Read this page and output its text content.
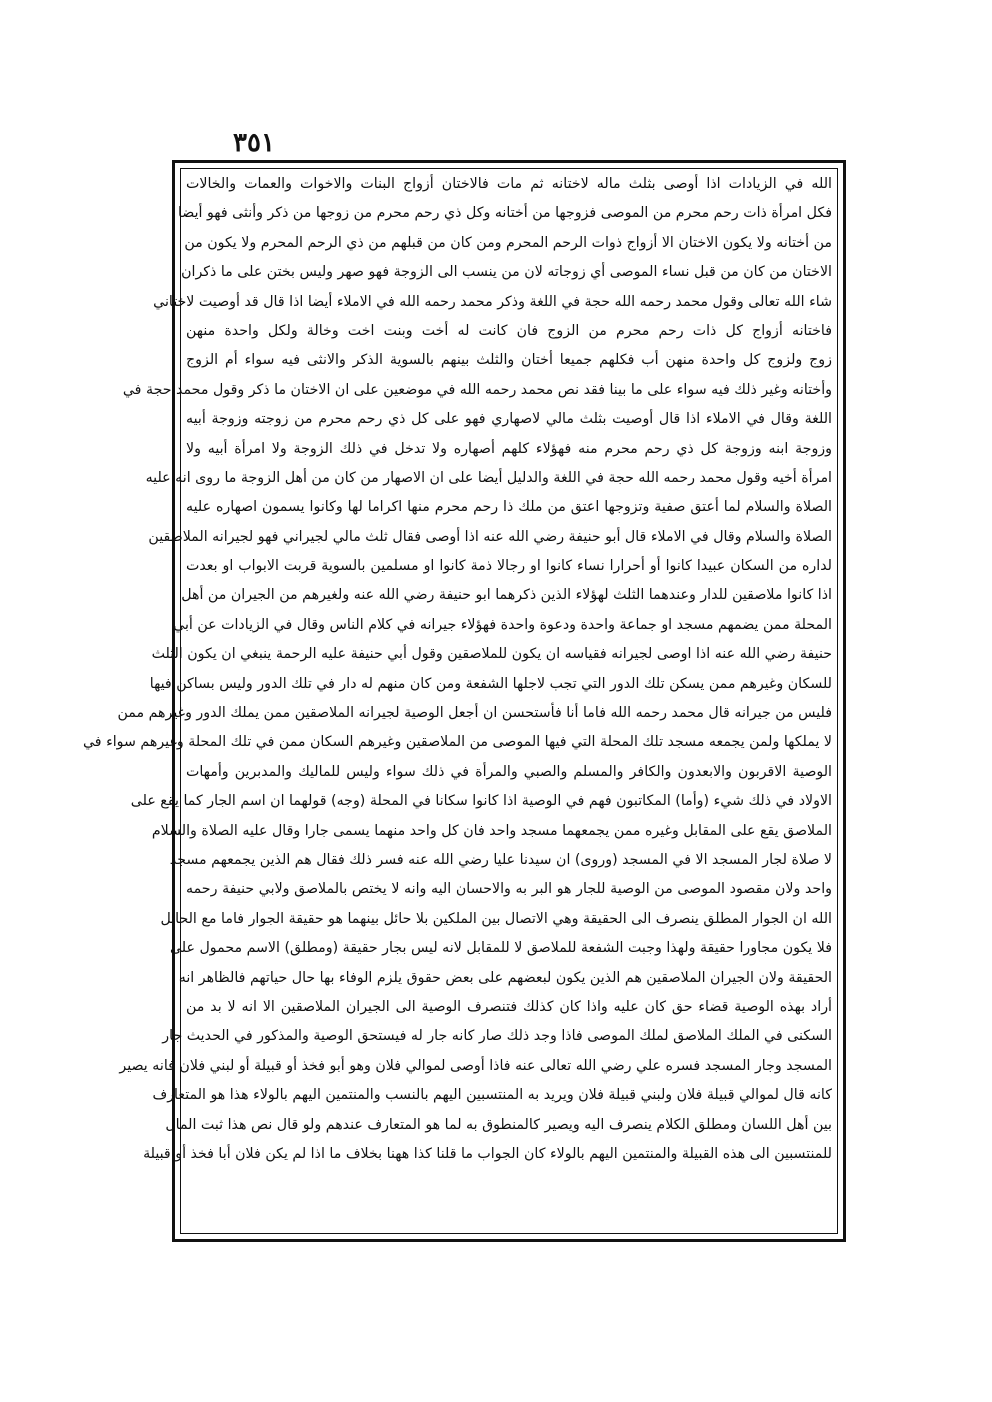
٣٥١
الله في الزيادات اذا أوصى بثلث ماله لاختانه ثم مات فالاختان أزواج البنات والاخوات والعمات والخالات
فكل امرأة ذات رحم محرم من الموصى فزوجها من أختانه وكل ذي رحم محرم من زوجها من ذكر وأنثى فهو أيضا
من أختانه ولا يكون الاختان الا أزواج ذوات الرحم المحرم ومن كان من قبلهم من ذي الرحم المحرم ولا يكون من
الاختان من كان من قبل نساء الموصى أي زوجاته لان من ينسب الى الزوجة فهو صهر وليس بختن على ما ذكران
شاء الله تعالى وقول محمد رحمه الله حجة في اللغة وذكر محمد رحمه الله في الاملاء أيضا اذا قال قد أوصيت لاختاني
فاختانه أزواج كل ذات رحم محرم من الزوج فان كانت له أخت وبنت اخت وخالة ولكل واحدة منهن
زوج ولزوج كل واحدة منهن أب فكلهم جميعا أختان والثلث بينهم بالسوية الذكر والانثى فيه سواء أم الزوج
وأختانه وغير ذلك فيه سواء على ما بينا فقد نص محمد رحمه الله في موضعين على ان الاختان ما ذكر وقول محمد حجة في
اللغة وقال في الاملاء اذا قال أوصيت بثلث مالي لاصهاري فهو على كل ذي رحم محرم من زوجته وزوجة أبيه
وزوجة ابنه وزوجة كل ذي رحم محرم منه فهؤلاء كلهم أصهاره ولا تدخل في ذلك الزوجة ولا امرأة أبيه ولا
امرأة أخيه وقول محمد رحمه الله حجة في اللغة والدليل أيضا على ان الاصهار من كان من أهل الزوجة ما روى انه عليه
الصلاة والسلام لما أعتق صفية وتزوجها اعتق من ملك ذا رحم محرم منها اكراما لها وكانوا يسمون اصهاره عليه
الصلاة والسلام وقال في الاملاء قال أبو حنيفة رضي الله عنه اذا أوصى فقال ثلث مالي لجيراني فهو لجيرانه الملاصقين
لداره من السكان عبيدا كانوا أو أحرارا نساء كانوا او رجالا ذمة كانوا او مسلمين بالسوية قربت الابواب او بعدت
اذا كانوا ملاصقين للدار وعندهما الثلث لهؤلاء الذين ذكرهما ابو حنيفة رضي الله عنه ولغيرهم من الجيران من أهل
المحلة ممن يضمهم مسجد او جماعة واحدة ودعوة واحدة فهؤلاء جيرانه في كلام الناس وقال في الزيادات عن أبي
حنيفة رضي الله عنه اذا اوصى لجيرانه فقياسه ان يكون للملاصقين وقول أبي حنيفة عليه الرحمة ينبغي ان يكون الثلث
للسكان وغيرهم ممن يسكن تلك الدور التي تجب لاجلها الشفعة ومن كان منهم له دار في تلك الدور وليس بساكن فيها
فليس من جيرانه قال محمد رحمه الله فاما أنا فأستحسن ان أجعل الوصية لجيرانه الملاصقين ممن يملك الدور وغيرهم ممن
لا يملكها ولمن يجمعه مسجد تلك المحلة التي فيها الموصى من الملاصقين وغيرهم السكان ممن في تلك المحلة وغيرهم سواء في
الوصية الاقربون والابعدون والكافر والمسلم والصبي والمرأة في ذلك سواء وليس للماليك والمدبرين وأمهات
الاولاد في ذلك شيء (وأما) المكاتبون فهم في الوصية اذا كانوا سكانا في المحلة (وجه) قولهما ان اسم الجار كما يقع على
الملاصق يقع على المقابل وغيره ممن يجمعهما مسجد واحد فان كل واحد منهما يسمى جارا وقال عليه الصلاة والسلام
لا صلاة لجار المسجد الا في المسجد (وروى) ان سيدنا عليا رضي الله عنه فسر ذلك فقال هم الذين يجمعهم مسجد
واحد ولان مقصود الموصى من الوصية للجار هو البر به والاحسان اليه وانه لا يختص بالملاصق ولابي حنيفة رحمه
الله ان الجوار المطلق ينصرف الى الحقيقة وهي الاتصال بين الملكين بلا حائل بينهما هو حقيقة الجوار فاما مع الحائل
فلا يكون مجاورا حقيقة ولهذا وجبت الشفعة للملاصق لا للمقابل لانه ليس بجار حقيقة (ومطلق) الاسم محمول على
الحقيقة ولان الجيران الملاصقين هم الذين يكون لبعضهم على بعض حقوق يلزم الوفاء بها حال حياتهم فالظاهر انه
أراد بهذه الوصية قضاء حق كان عليه واذا كان كذلك فتنصرف الوصية الى الجيران الملاصقين الا انه لا بد من
السكنى في الملك الملاصق لملك الموصى فاذا وجد ذلك صار كانه جار له فيستحق الوصية والمذكور في الحديث جار
المسجد وجار المسجد فسره علي رضي الله تعالى عنه فاذا أوصى لموالي فلان وهو أبو فخذ أو قبيلة أو لبني فلان فانه يصير
كانه قال لموالي قبيلة فلان ولبني قبيلة فلان ويريد به المنتسبين اليهم بالنسب والمنتمين اليهم بالولاء هذا هو المتعارف
بين أهل اللسان ومطلق الكلام ينصرف اليه ويصير كالمنطوق به لما هو المتعارف عندهم ولو قال نص هذا ثبت المال
للمنتسبين الى هذه القبيلة والمنتمين اليهم بالولاء كان الجواب ما قلنا كذا ههنا بخلاف ما اذا لم يكن فلان أبا فخذ أو قبيلة
